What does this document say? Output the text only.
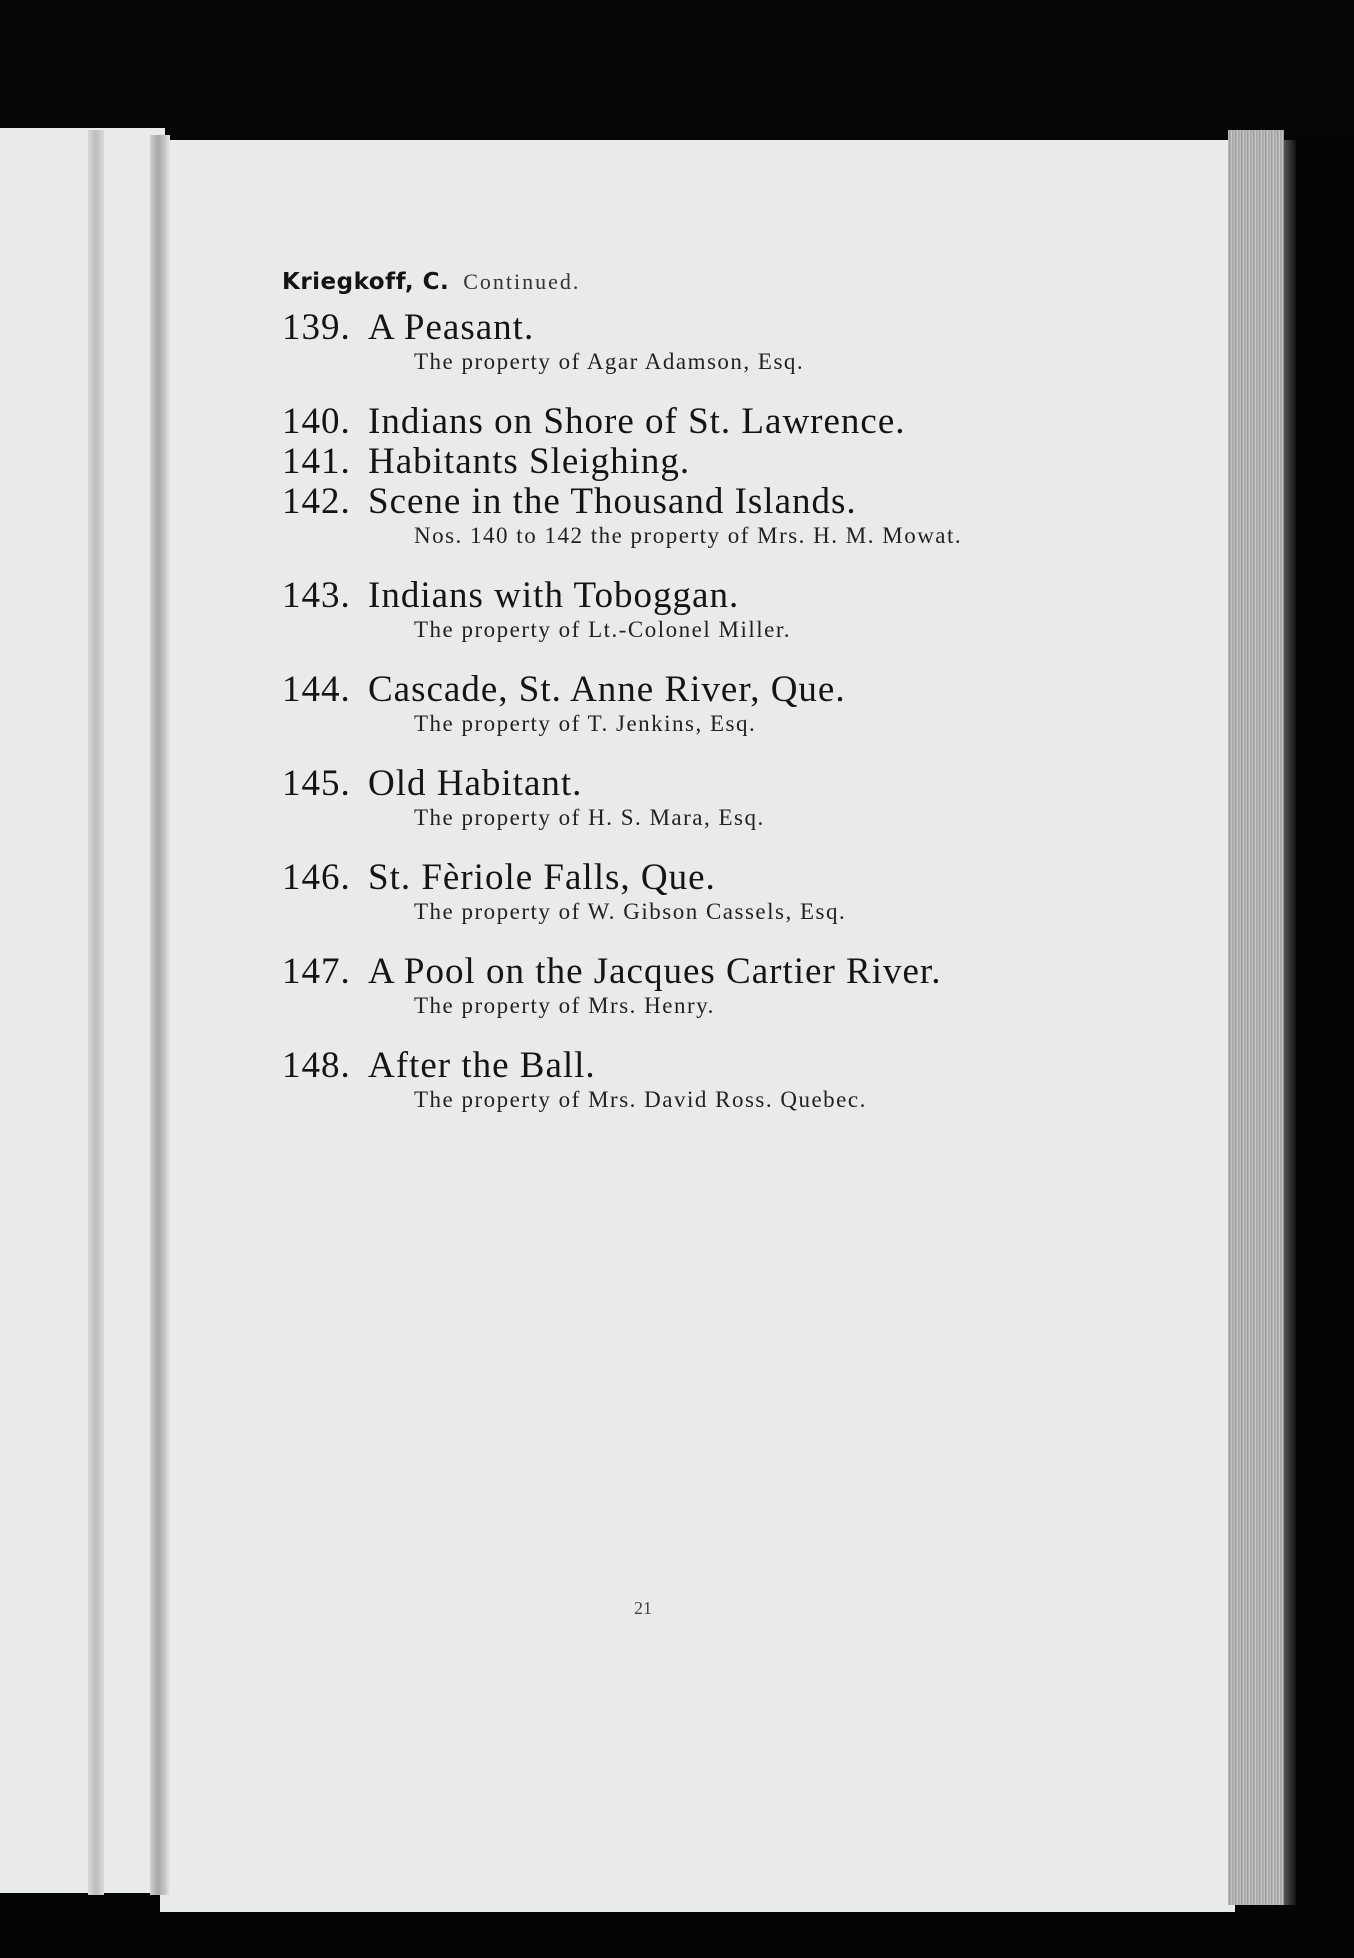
Kriegkoff, C. Continued.
139. A Peasant.
The property of Agar Adamson, Esq.
140. Indians on Shore of St. Lawrence.
141. Habitants Sleighing.
142. Scene in the Thousand Islands.
Nos. 140 to 142 the property of Mrs. H. M. Mowat.
143. Indians with Toboggan.
The property of Lt.-Colonel Miller.
144. Cascade, St. Anne River, Que.
The property of T. Jenkins, Esq.
145. Old Habitant.
The property of H. S. Mara, Esq.
146. St. Fèriole Falls, Que.
The property of W. Gibson Cassels, Esq.
147. A Pool on the Jacques Cartier River.
The property of Mrs. Henry.
148. After the Ball.
The property of Mrs. David Ross. Quebec.
21
